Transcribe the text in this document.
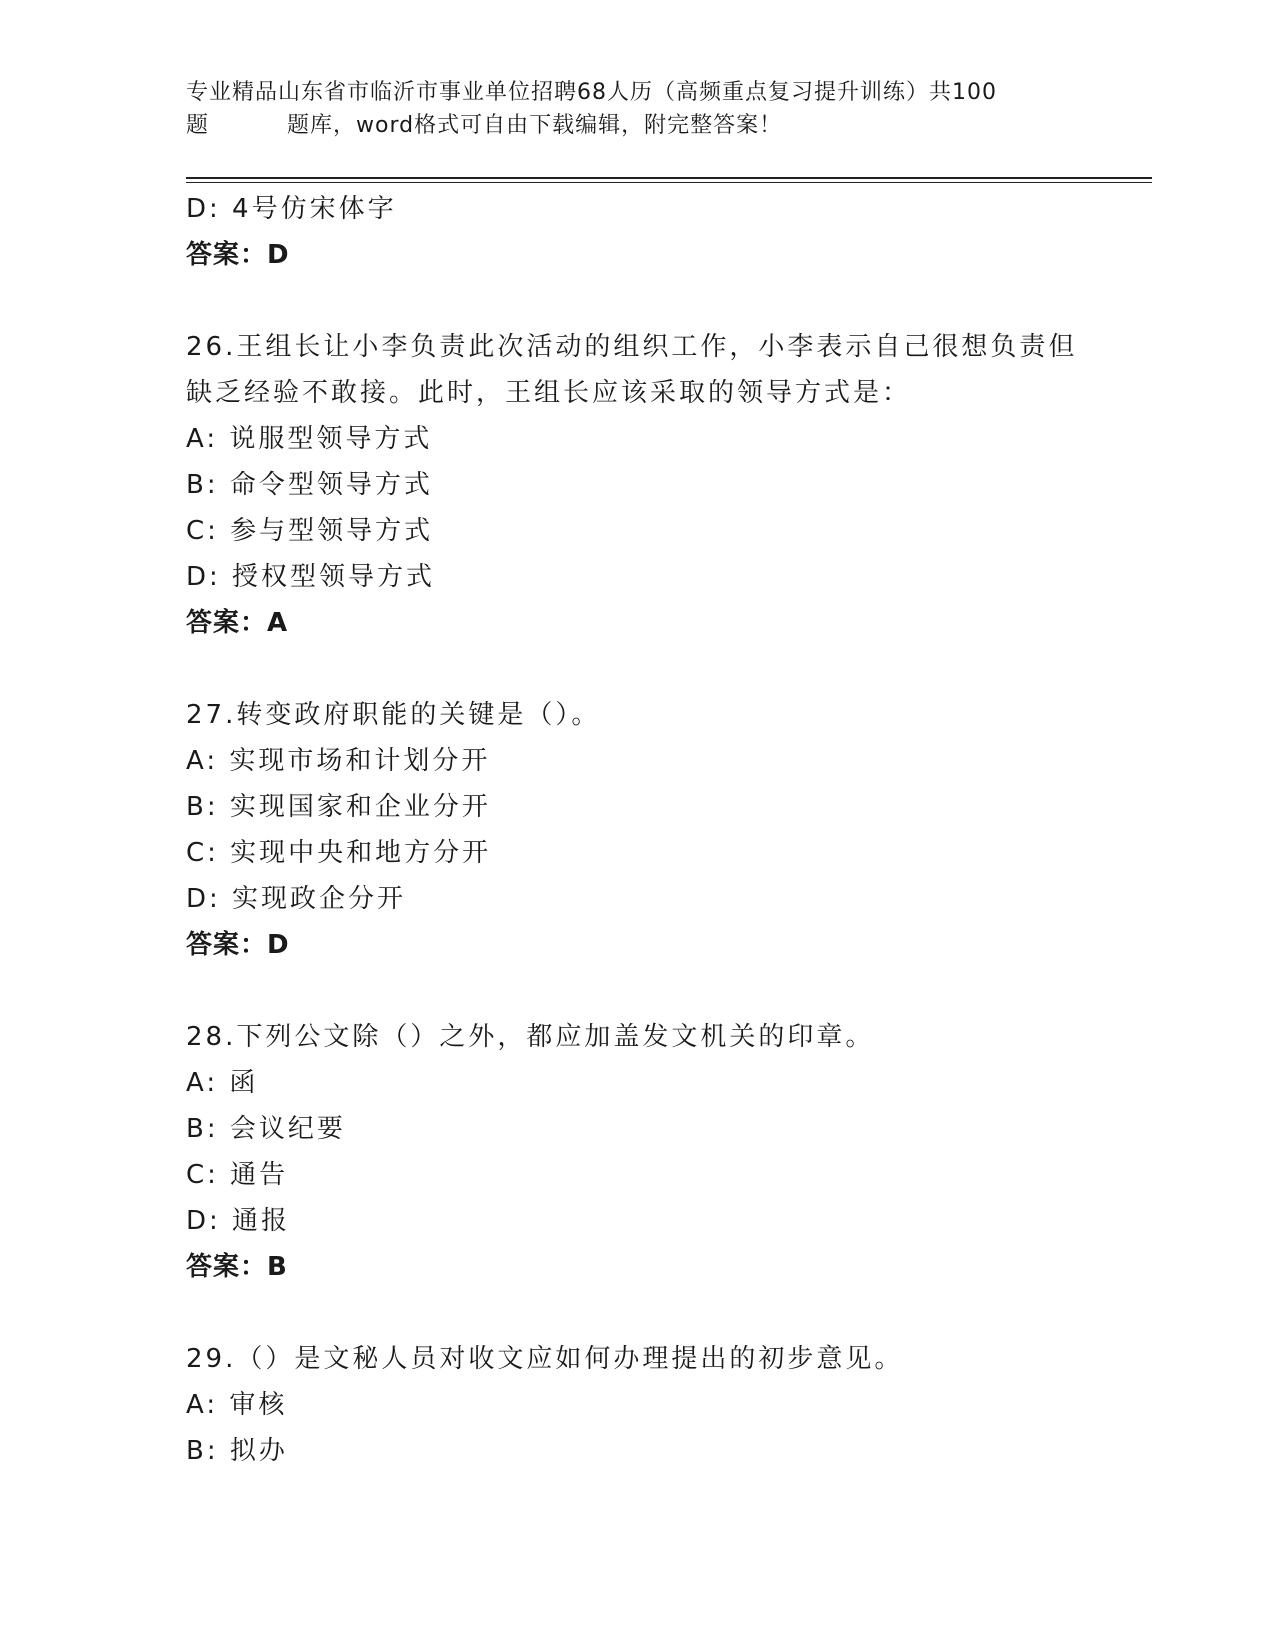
专业精品山东省市临沂市事业单位招聘68人历（高频重点复习提升训练）共100
题	题库，word格式可自由下载编辑，附完整答案！
D: 4号仿宋体字
答案：D
26.王组长让小李负责此次活动的组织工作，小李表示自己很想负责但
缺乏经验不敢接。此时，王组长应该采取的领导方式是：
A: 说服型领导方式
B: 命令型领导方式
C: 参与型领导方式
D: 授权型领导方式
答案：A
27.转变政府职能的关键是（）。
A: 实现市场和计划分开
B: 实现国家和企业分开
C: 实现中央和地方分开
D: 实现政企分开
答案：D
28.下列公文除（）之外，都应加盖发文机关的印章。
A: 函
B: 会议纪要
C: 通告
D: 通报
答案：B
29.（）是文秘人员对收文应如何办理提出的初步意见。
A: 审核
B: 拟办
